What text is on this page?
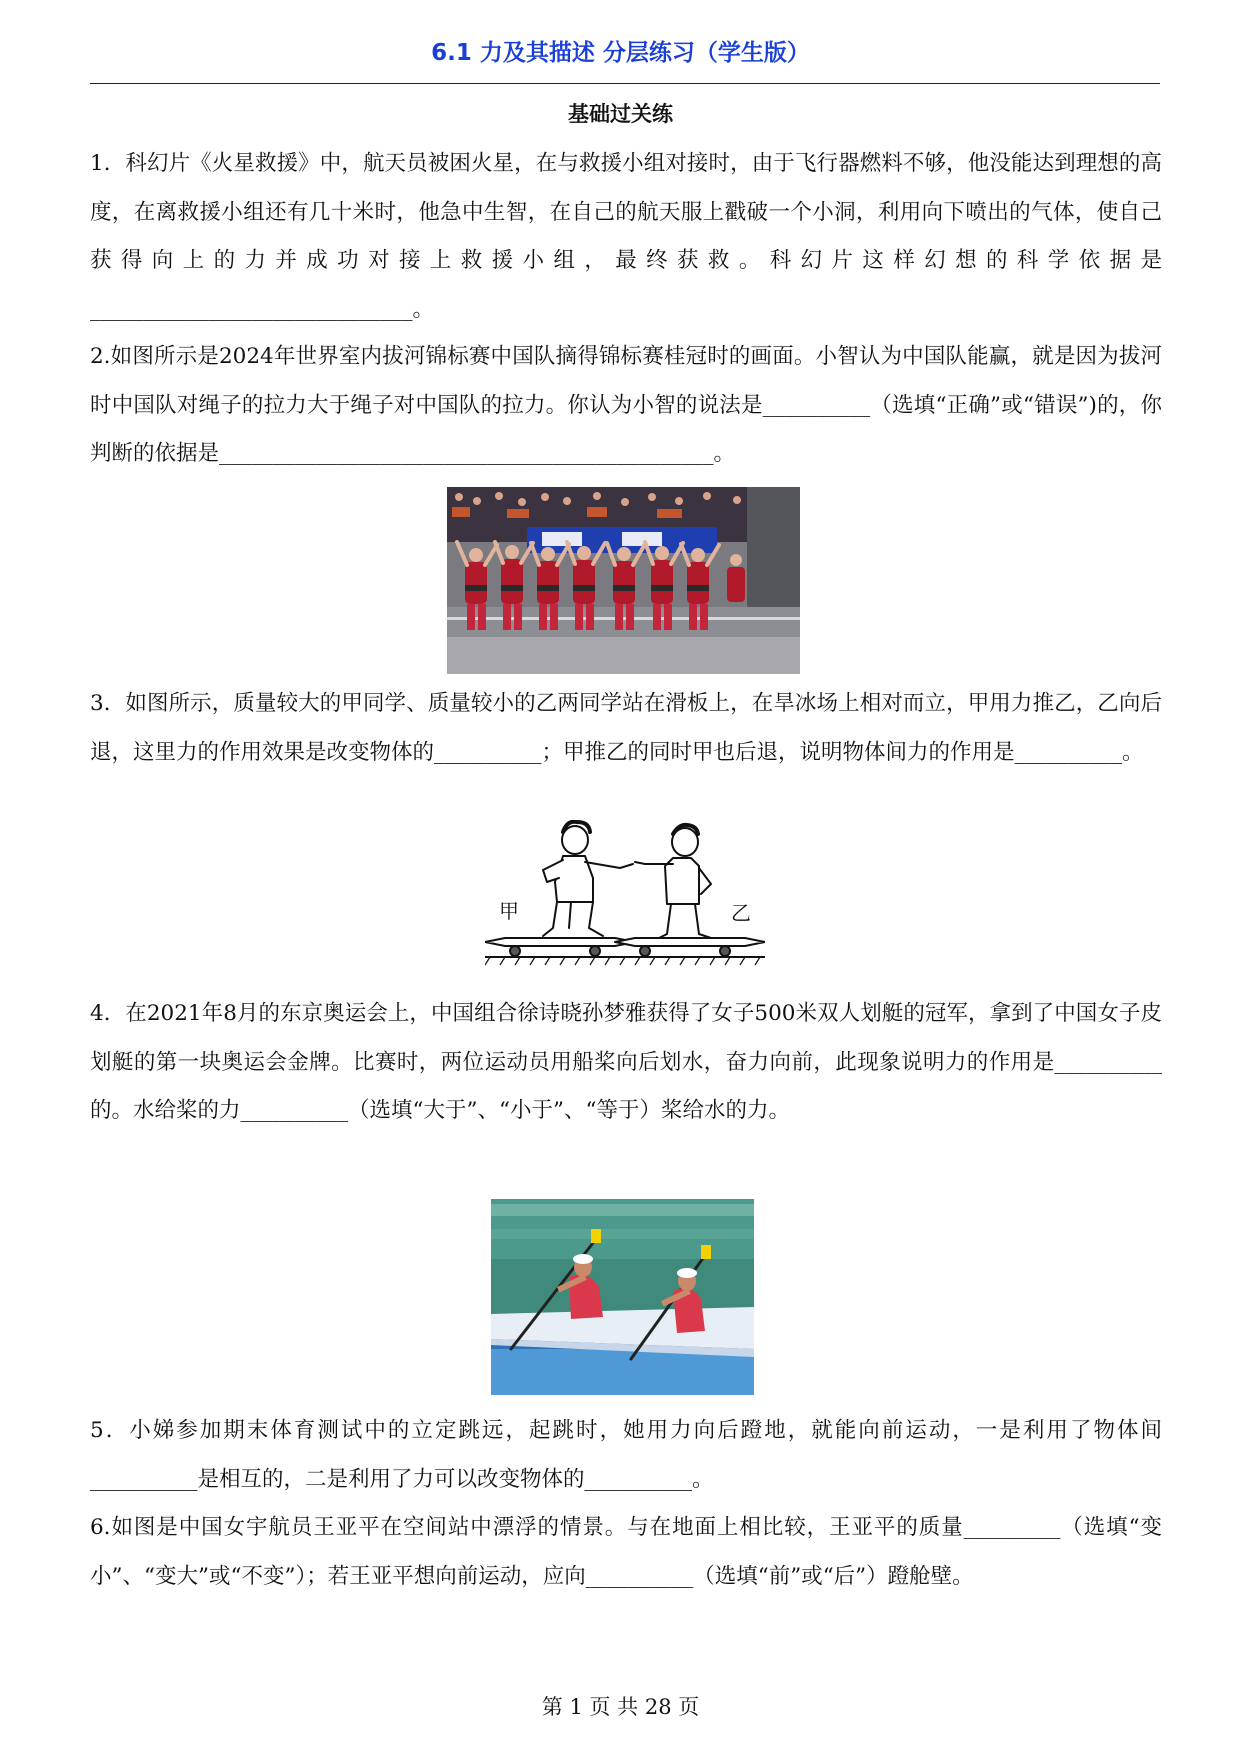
6.1 力及其描述 分层练习（学生版）
基础过关练
1．科幻片《火星救援》中，航天员被困火星，在与救援小组对接时，由于飞行器燃料不够，他没能达到理想的高度，在离救援小组还有几十米时，他急中生智，在自己的航天服上戳破一个小洞，利用向下喷出的气体，使自己获得向上的力并成功对接上救援小组，最终获救。科幻片这样幻想的科学依据是______________________________。
2.如图所示是2024年世界室内拔河锦标赛中国队摘得锦标赛桂冠时的画面。小智认为中国队能赢，就是因为拔河时中国队对绳子的拉力大于绳子对中国队的拉力。你认为小智的说法是__________（选填“正确”或“错误”)的，你判断的依据是______________________________________________。
3．如图所示，质量较大的甲同学、质量较小的乙两同学站在滑板上，在旱冰场上相对而立，甲用力推乙，乙向后退，这里力的作用效果是改变物体的__________；甲推乙的同时甲也后退，说明物体间力的作用是__________。
甲	乙
4．在2021年8月的东京奥运会上，中国组合徐诗晓孙梦雅获得了女子500米双人划艇的冠军，拿到了中国女子皮划艇的第一块奥运会金牌。比赛时，两位运动员用船桨向后划水，奋力向前，此现象说明力的作用是__________的。水给桨的力__________（选填“大于”、“小于”、“等于）桨给水的力。
5．小娣参加期末体育测试中的立定跳远，起跳时，她用力向后蹬地，就能向前运动，一是利用了物体间__________是相互的，二是利用了力可以改变物体的__________。
6.如图是中国女宇航员王亚平在空间站中漂浮的情景。与在地面上相比较，王亚平的质量_________（选填“变小”、“变大”或“不变”）；若王亚平想向前运动，应向__________（选填“前”或“后”）蹬舱壁。
第 1 页 共 28 页
